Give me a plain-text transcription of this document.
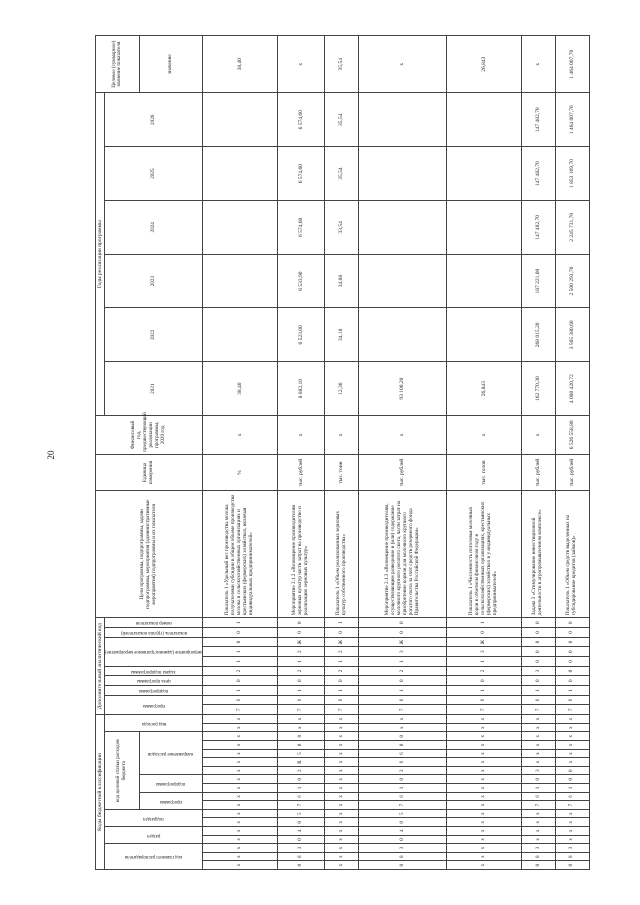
20
Коды бюджетной классификации																		Дополнительный аналитический код										Цели программы, подпрограммы, задачи подпрограммы, мероприятия (административные мероприятия) подпрограммы и их показатели	Единица измерения	Финансовый год, предшествующий реализации программы, 2020 год	Годы реализации программы						Целевое (суммарное) значение показателя

код главного распорядителя			раздел		подраздел		код целевой статьи расходов бюджета									вид расхода		программа		подпрограмма	цель программы	задача подпрограммы	мероприятие (административное мероприятие)			показатель (группа показателей)	номер показателя				2021	2022	2023	2024	2025	2026	

							программа		подпрограмма		направление расходов																										значение
х	х	х	х	х	х	х	х	х	х	х	х	х	х	х	х	х	х	7	6	1	0	2	1	1	0	0	1	Показатель 1 «Удельный вес производства молока получателями субсидии в общем объеме производства молока в сельскохозяйственных организациях и крестьянских (фермерских) хозяйствах, включая индивидуальных предпринимателей»	%	х	38,40						38,40
0	8	3	0	4	0	5	7	6	1	0	2	R	5	0	8	х	х	7	6	1	0	2	1	2	Ж	0	0	Мероприятие 2.1.2 «Возмещение производителям зерновых культур части затрат на производство и реализацию зерновых культур»	тыс. рублей	х	8 882,10	6 523,00	6 533,90	6 574,60	6 574,60	6 574,60	х
х	х	х	х	х	х	х	х	х	х	х	х	х	х	х	х	х	х	7	6	1	0	2	1	2	Ж	0	1	Показатель 1 «Объем реализованных зерновых культур собственного производства»	тыс. тонн	х	12,30	34,18	34,08	33,54	35,54	35,54	35,54
0	8	3	0	4	0	5	7	6	1	0	2	6	6	0	0	х	х	7	6	1	0	2	1	3	Ж	0	0	Мероприятие 2.1.3 «Возмещение производителям, осуществляющим разведение и (или) содержание молочного крупного рогатого скота, части затрат на приобретение кормов для молочного крупного рогатого скота за счет средств резервного фонда Правительства Российской Федерации»	тыс. рублей	х	93 100,20						х
х	х	х	х	х	х	х	х	х	х	х	х	х	х	х	х	х	х	7	6	1	0	2	1	3	Ж	0	1	Показатель 1 «Численность поголовья молочных коров в отчетном финансовом году в сельскохозяйственных организациях, крестьянских (фермерских) хозяйствах и у индивидуальных предпринимателей»	тыс. голов	х	26,843						26,843
0	8	3	х	х	х	х	7	6	1	0	3	х	х	х	х	х	х	7	6	1	0	3	0	0	0	0	0	Задача 3 «Стимулирование инвестиционной деятельности в агропромышленном комплексе»	тыс. рублей	х	162 770,30	268 015,20	187 221,00	147 482,70	147 482,70	147 482,70	х
0	8	3	х	х	х	х	7	6	1	0	0	х	х	х	х	х	х	7	6	1	0	0	0	0	0	0	0	Показатель 1 «Объем средств выделенных на субсидирование кредитов (займов)»	тыс. рублей	6 526 558,80	4 080 420,72	3 565 380,60	2 500 293,70	2 245 731,70	1 853 169,70	1 464 007,70	1 464 007,70
